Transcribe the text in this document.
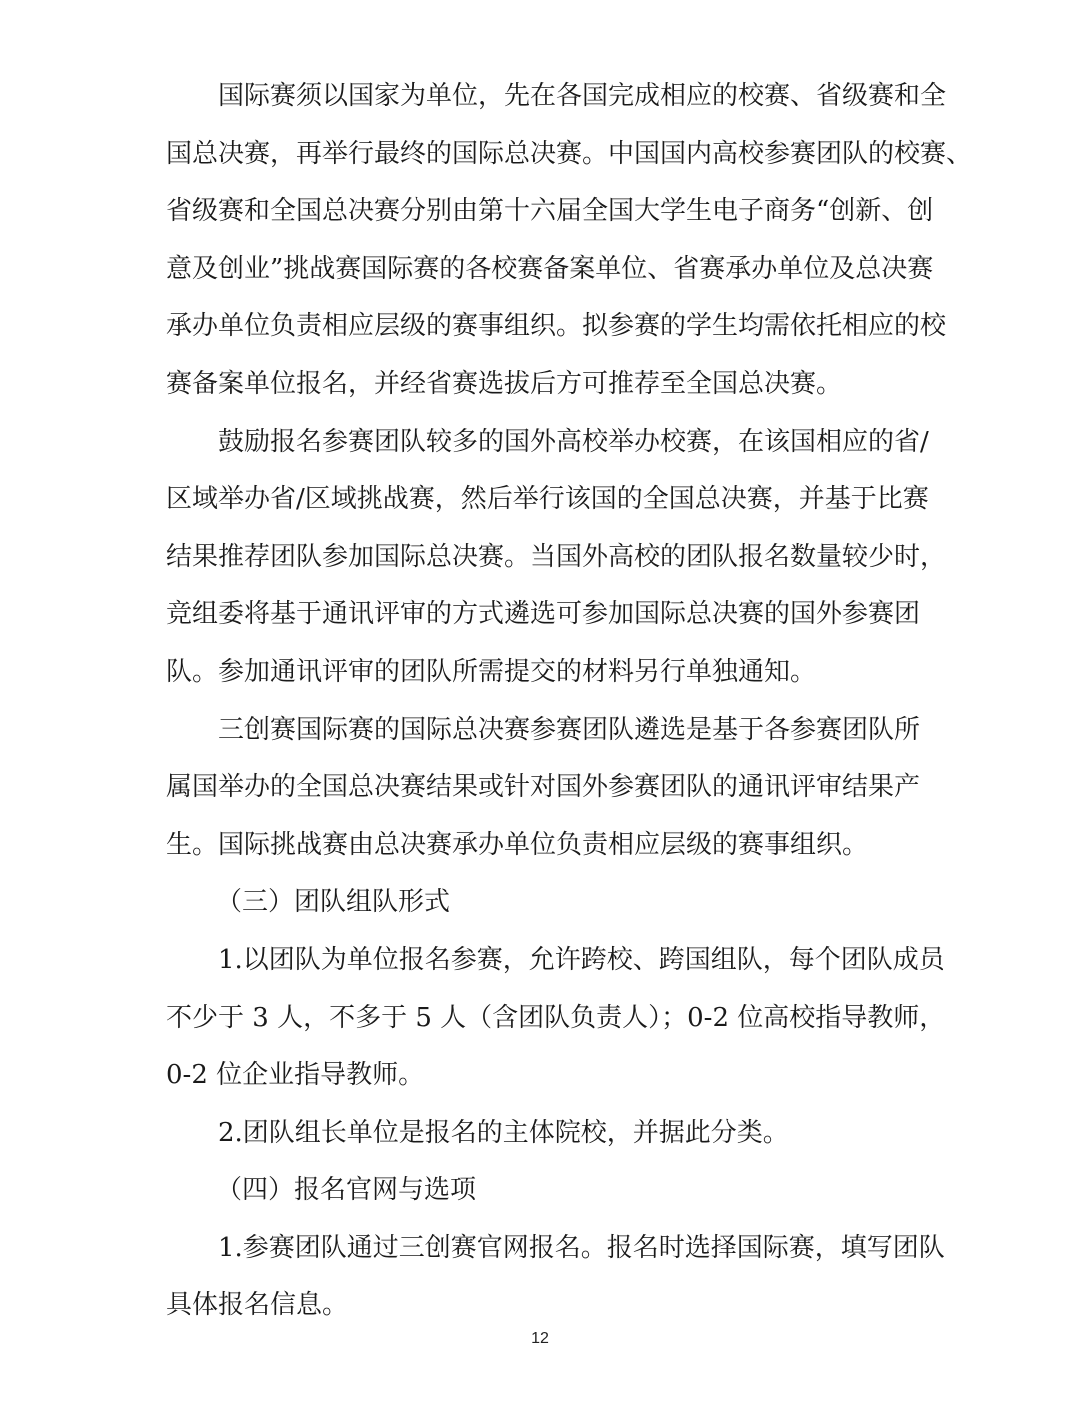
国际赛须以国家为单位，先在各国完成相应的校赛、省级赛和全
国总决赛，再举行最终的国际总决赛。中国国内高校参赛团队的校赛、
省级赛和全国总决赛分别由第十六届全国大学生电子商务“创新、创
意及创业”挑战赛国际赛的各校赛备案单位、省赛承办单位及总决赛
承办单位负责相应层级的赛事组织。拟参赛的学生均需依托相应的校
赛备案单位报名，并经省赛选拔后方可推荐至全国总决赛。
鼓励报名参赛团队较多的国外高校举办校赛，在该国相应的省/
区域举办省/区域挑战赛，然后举行该国的全国总决赛，并基于比赛
结果推荐团队参加国际总决赛。当国外高校的团队报名数量较少时，
竞组委将基于通讯评审的方式遴选可参加国际总决赛的国外参赛团
队。参加通讯评审的团队所需提交的材料另行单独通知。
三创赛国际赛的国际总决赛参赛团队遴选是基于各参赛团队所
属国举办的全国总决赛结果或针对国外参赛团队的通讯评审结果产
生。国际挑战赛由总决赛承办单位负责相应层级的赛事组织。
（三）团队组队形式
1.以团队为单位报名参赛，允许跨校、跨国组队，每个团队成员
不少于 3 人，不多于 5 人（含团队负责人）；0-2 位高校指导教师，
0-2 位企业指导教师。
2.团队组长单位是报名的主体院校，并据此分类。
（四）报名官网与选项
1.参赛团队通过三创赛官网报名。报名时选择国际赛，填写团队
具体报名信息。
12
